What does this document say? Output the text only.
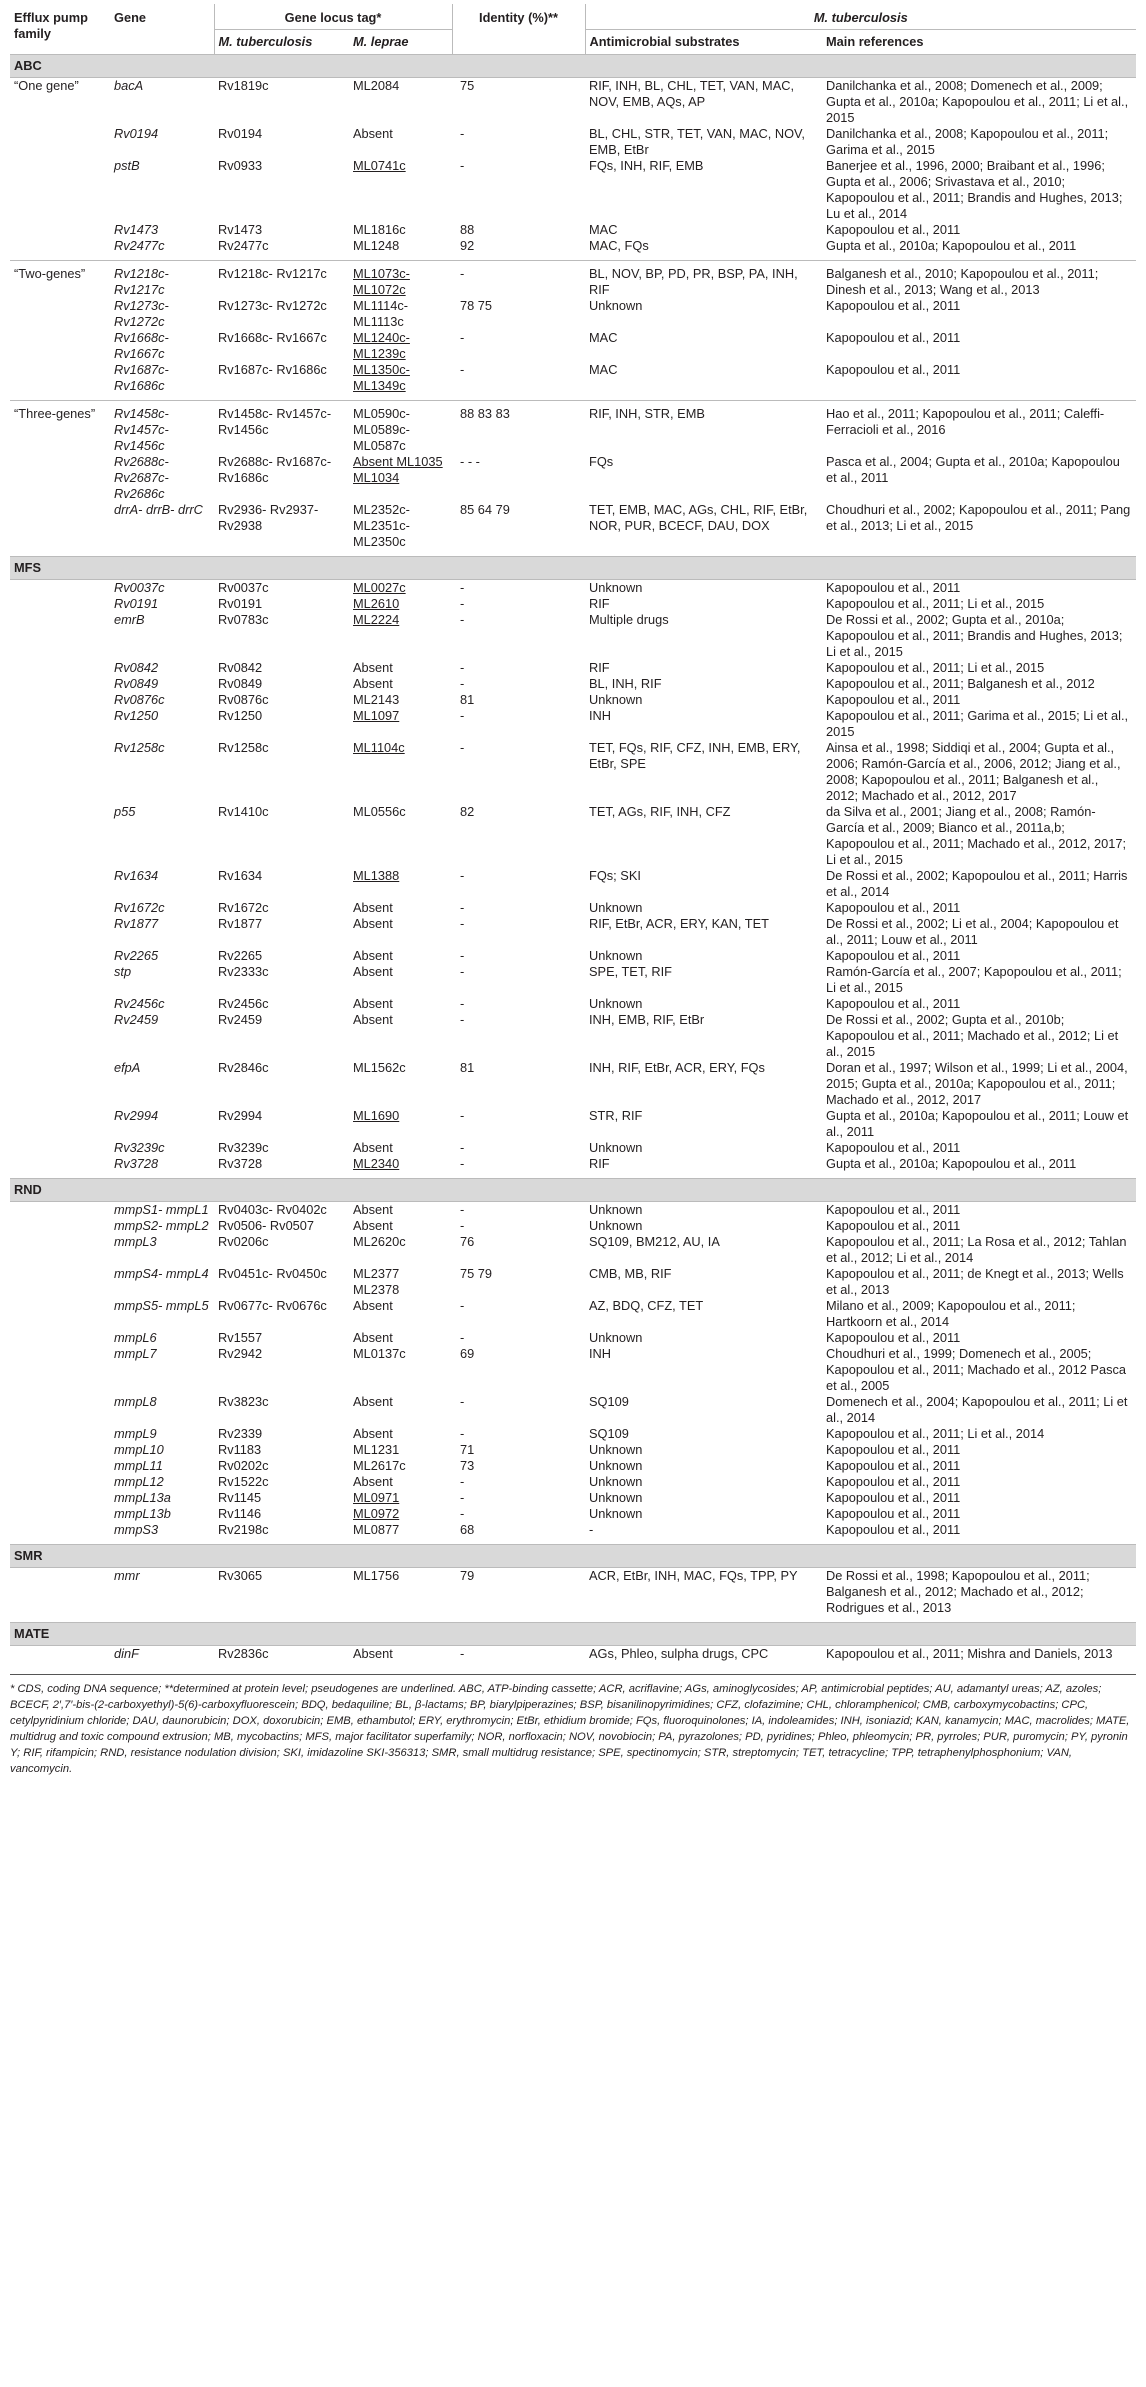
Efflux pump family	Gene	Gene locus tag*		Identity (%)**	M. tuberculosis	
		M. tuberculosis	M. leprae		Antimicrobial substrates	Main references
ABC						
“One gene”	bacA	Rv1819c	ML2084	75	RIF, INH, BL, CHL, TET, VAN, MAC, NOV, EMB, AQs, AP	Danilchanka et al., 2008; Domenech et al., 2009; Gupta et al., 2010a; Kapopoulou et al., 2011; Li et al., 2015
	Rv0194	Rv0194	Absent	-	BL, CHL, STR, TET, VAN, MAC, NOV, EMB, EtBr	Danilchanka et al., 2008; Kapopoulou et al., 2011; Garima et al., 2015
	pstB	Rv0933	ML0741c	-	FQs, INH, RIF, EMB	Banerjee et al., 1996, 2000; Braibant et al., 1996; Gupta et al., 2006; Srivastava et al., 2010; Kapopoulou et al., 2011; Brandis and Hughes, 2013; Lu et al., 2014
	Rv1473	Rv1473	ML1816c	88	MAC	Kapopoulou et al., 2011
	Rv2477c	Rv2477c	ML1248	92	MAC, FQs	Gupta et al., 2010a; Kapopoulou et al., 2011
“Two-genes”	Rv1218c- Rv1217c	Rv1218c- Rv1217c	ML1073c- ML1072c	-	BL, NOV, BP, PD, PR, BSP, PA, INH, RIF	Balganesh et al., 2010; Kapopoulou et al., 2011; Dinesh et al., 2013; Wang et al., 2013
	Rv1273c- Rv1272c	Rv1273c- Rv1272c	ML1114c- ML1113c	78 75	Unknown	Kapopoulou et al., 2011
	Rv1668c- Rv1667c	Rv1668c- Rv1667c	ML1240c- ML1239c	-	MAC	Kapopoulou et al., 2011
	Rv1687c- Rv1686c	Rv1687c- Rv1686c	ML1350c- ML1349c	-	MAC	Kapopoulou et al., 2011
“Three-genes”	Rv1458c- Rv1457c- Rv1456c	Rv1458c- Rv1457c- Rv1456c	ML0590c- ML0589c- ML0587c	88 83 83	RIF, INH, STR, EMB	Hao et al., 2011; Kapopoulou et al., 2011; Caleffi-Ferracioli et al., 2016
	Rv2688c- Rv2687c- Rv2686c	Rv2688c- Rv1687c- Rv1686c	Absent ML1035 ML1034	- - -	FQs	Pasca et al., 2004; Gupta et al., 2010a; Kapopoulou et al., 2011
	drrA- drrB- drrC	Rv2936- Rv2937- Rv2938	ML2352c- ML2351c- ML2350c	85 64 79	TET, EMB, MAC, AGs, CHL, RIF, EtBr, NOR, PUR, BCECF, DAU, DOX	Choudhuri et al., 2002; Kapopoulou et al., 2011; Pang et al., 2013; Li et al., 2015
MFS						
	Rv0037c	Rv0037c	ML0027c	-	Unknown	Kapopoulou et al., 2011
	Rv0191	Rv0191	ML2610	-	RIF	Kapopoulou et al., 2011; Li et al., 2015
	emrB	Rv0783c	ML2224	-	Multiple drugs	De Rossi et al., 2002; Gupta et al., 2010a; Kapopoulou et al., 2011; Brandis and Hughes, 2013; Li et al., 2015
	Rv0842	Rv0842	Absent	-	RIF	Kapopoulou et al., 2011; Li et al., 2015
	Rv0849	Rv0849	Absent	-	BL, INH, RIF	Kapopoulou et al., 2011; Balganesh et al., 2012
	Rv0876c	Rv0876c	ML2143	81	Unknown	Kapopoulou et al., 2011
	Rv1250	Rv1250	ML1097	-	INH	Kapopoulou et al., 2011; Garima et al., 2015; Li et al., 2015
	Rv1258c	Rv1258c	ML1104c	-	TET, FQs, RIF, CFZ, INH, EMB, ERY, EtBr, SPE	Ainsa et al., 1998; Siddiqi et al., 2004; Gupta et al., 2006; Ramón-García et al., 2006, 2012; Jiang et al., 2008; Kapopoulou et al., 2011; Balganesh et al., 2012; Machado et al., 2012, 2017
	p55	Rv1410c	ML0556c	82	TET, AGs, RIF, INH, CFZ	da Silva et al., 2001; Jiang et al., 2008; Ramón-García et al., 2009; Bianco et al., 2011a,b; Kapopoulou et al., 2011; Machado et al., 2012, 2017; Li et al., 2015
	Rv1634	Rv1634	ML1388	-	FQs; SKI	De Rossi et al., 2002; Kapopoulou et al., 2011; Harris et al., 2014
	Rv1672c	Rv1672c	Absent	-	Unknown	Kapopoulou et al., 2011
	Rv1877	Rv1877	Absent	-	RIF, EtBr, ACR, ERY, KAN, TET	De Rossi et al., 2002; Li et al., 2004; Kapopoulou et al., 2011; Louw et al., 2011
	Rv2265	Rv2265	Absent	-	Unknown	Kapopoulou et al., 2011
	stp	Rv2333c	Absent	-	SPE, TET, RIF	Ramón-García et al., 2007; Kapopoulou et al., 2011; Li et al., 2015
	Rv2456c	Rv2456c	Absent	-	Unknown	Kapopoulou et al., 2011
	Rv2459	Rv2459	Absent	-	INH, EMB, RIF, EtBr	De Rossi et al., 2002; Gupta et al., 2010b; Kapopoulou et al., 2011; Machado et al., 2012; Li et al., 2015
	efpA	Rv2846c	ML1562c	81	INH, RIF, EtBr, ACR, ERY, FQs	Doran et al., 1997; Wilson et al., 1999; Li et al., 2004, 2015; Gupta et al., 2010a; Kapopoulou et al., 2011; Machado et al., 2012, 2017
	Rv2994	Rv2994	ML1690	-	STR, RIF	Gupta et al., 2010a; Kapopoulou et al., 2011; Louw et al., 2011
	Rv3239c	Rv3239c	Absent	-	Unknown	Kapopoulou et al., 2011
	Rv3728	Rv3728	ML2340	-	RIF	Gupta et al., 2010a; Kapopoulou et al., 2011
RND						
	mmpS1- mmpL1	Rv0403c- Rv0402c	Absent	-	Unknown	Kapopoulou et al., 2011
	mmpS2- mmpL2	Rv0506- Rv0507	Absent	-	Unknown	Kapopoulou et al., 2011
	mmpL3	Rv0206c	ML2620c	76	SQ109, BM212, AU, IA	Kapopoulou et al., 2011; La Rosa et al., 2012; Tahlan et al., 2012; Li et al., 2014
	mmpS4- mmpL4	Rv0451c- Rv0450c	ML2377 ML2378	75 79	CMB, MB, RIF	Kapopoulou et al., 2011; de Knegt et al., 2013; Wells et al., 2013
	mmpS5- mmpL5	Rv0677c- Rv0676c	Absent	-	AZ, BDQ, CFZ, TET	Milano et al., 2009; Kapopoulou et al., 2011; Hartkoorn et al., 2014
	mmpL6	Rv1557	Absent	-	Unknown	Kapopoulou et al., 2011
	mmpL7	Rv2942	ML0137c	69	INH	Choudhuri et al., 1999; Domenech et al., 2005; Kapopoulou et al., 2011; Machado et al., 2012 Pasca et al., 2005
	mmpL8	Rv3823c	Absent	-	SQ109	Domenech et al., 2004; Kapopoulou et al., 2011; Li et al., 2014
	mmpL9	Rv2339	Absent	-	SQ109	Kapopoulou et al., 2011; Li et al., 2014
	mmpL10	Rv1183	ML1231	71	Unknown	Kapopoulou et al., 2011
	mmpL11	Rv0202c	ML2617c	73	Unknown	Kapopoulou et al., 2011
	mmpL12	Rv1522c	Absent	-	Unknown	Kapopoulou et al., 2011
	mmpL13a	Rv1145	ML0971	-	Unknown	Kapopoulou et al., 2011
	mmpL13b	Rv1146	ML0972	-	Unknown	Kapopoulou et al., 2011
	mmpS3	Rv2198c	ML0877	68	-	Kapopoulou et al., 2011
SMR						
	mmr	Rv3065	ML1756	79	ACR, EtBr, INH, MAC, FQs, TPP, PY	De Rossi et al., 1998; Kapopoulou et al., 2011; Balganesh et al., 2012; Machado et al., 2012; Rodrigues et al., 2013
MATE						
	dinF	Rv2836c	Absent	-	AGs, Phleo, sulpha drugs, CPC	Kapopoulou et al., 2011; Mishra and Daniels, 2013
* CDS, coding DNA sequence; **determined at protein level; pseudogenes are underlined. ABC, ATP-binding cassette; ACR, acriflavine; AGs, aminoglycosides; AP, antimicrobial peptides; AU, adamantyl ureas; AZ, azoles; BCECF, 2′,7′-bis-(2-carboxyethyl)-5(6)-carboxyfluorescein; BDQ, bedaquiline; BL, β-lactams; BP, biarylpiperazines; BSP, bisanilinopyrimidines; CFZ, clofazimine; CHL, chloramphenicol; CMB, carboxymycobactins; CPC, cetylpyridinium chloride; DAU, daunorubicin; DOX, doxorubicin; EMB, ethambutol; ERY, erythromycin; EtBr, ethidium bromide; FQs, fluoroquinolones; IA, indoleamides; INH, isoniazid; KAN, kanamycin; MAC, macrolides; MATE, multidrug and toxic compound extrusion; MB, mycobactins; MFS, major facilitator superfamily; NOR, norfloxacin; NOV, novobiocin; PA, pyrazolones; PD, pyridines; Phleo, phleomycin; PR, pyrroles; PUR, puromycin; PY, pyronin Y; RIF, rifampicin; RND, resistance nodulation division; SKI, imidazoline SKI-356313; SMR, small multidrug resistance; SPE, spectinomycin; STR, streptomycin; TET, tetracycline; TPP, tetraphenylphosphonium; VAN, vancomycin.
